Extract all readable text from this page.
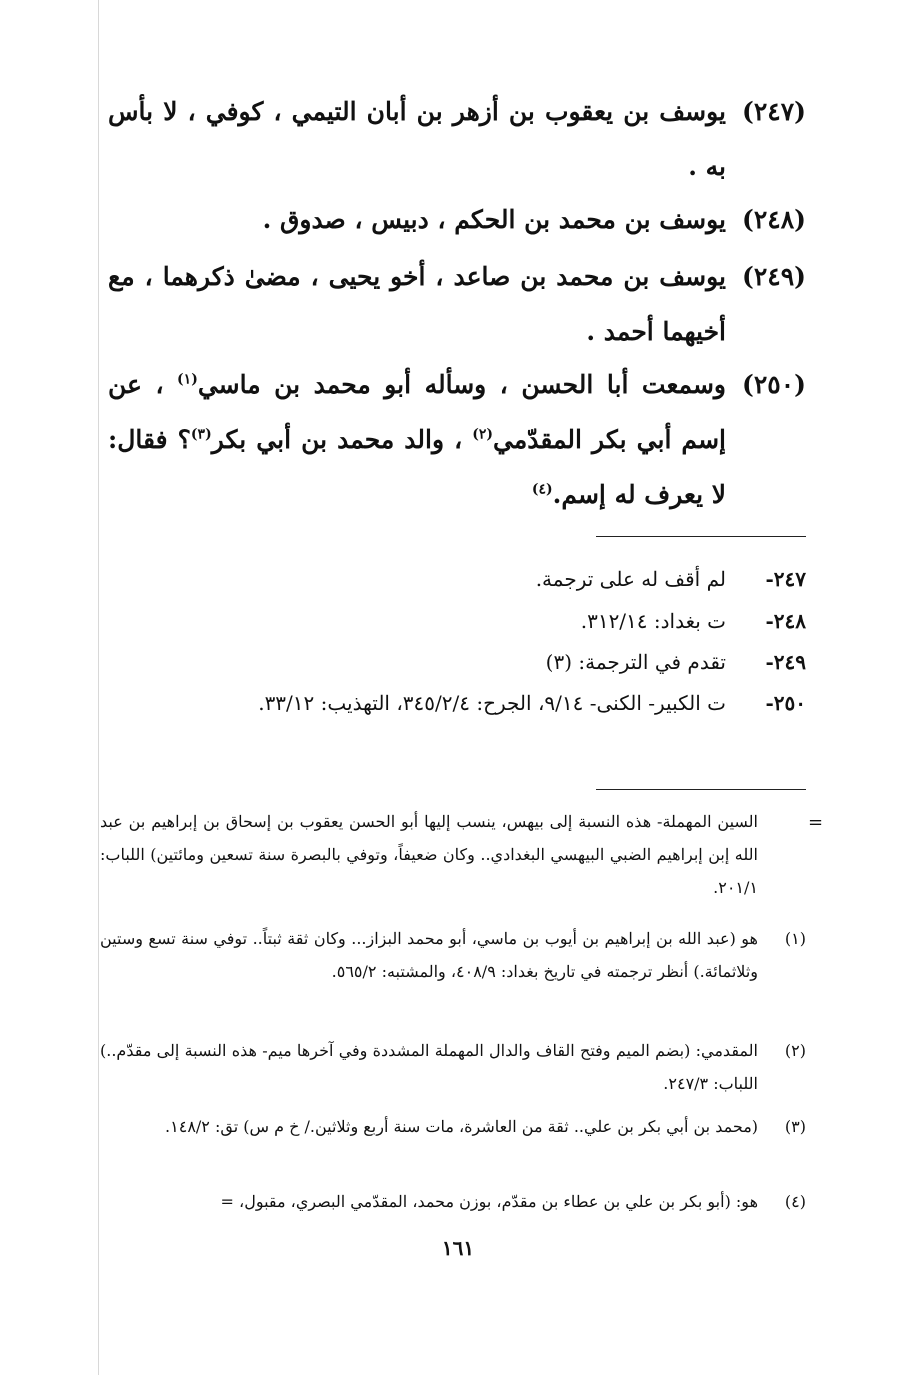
(٢٤٧)
يوسف بن يعقوب بن أزهر بن أبان التيمي ، كوفي ، لا بأس به .
(٢٤٨)
يوسف بن محمد بن الحكم ، دبيس ، صدوق .
(٢٤٩)
يوسف بن محمد بن صاعد ، أخو يحيى ، مضىٰ ذكرهما ، مع أخيهما أحمد .
(٢٥٠)
وسمعت أبا الحسن ، وسأله أبو محمد بن ماسي$^{(١)}$ ، عن إسم أبي بكر المقدّمي$^{(٢)}$ ، والد محمد بن أبي بكر$^{(٣)}$؟ فقال: لا يعرف له إسم.$^{(٤)}$
٢٤٧-
لم أقف له على ترجمة.
٢٤٨-
ت بغداد: ٣١٢/١٤.
٢٤٩-
تقدم في الترجمة: (٣)
٢٥٠-
ت الكبير- الكنى- ٩/١٤، الجرح: ٣٤٥/٢/٤، التهذيب: ٣٣/١٢.
=
السين المهملة- هذه النسبة إلى بيهس، ينسب إليها أبو الحسن يعقوب بن إسحاق بن إبراهيم بن عبد الله إبن إبراهيم الضبي البيهسي البغدادي.. وكان ضعيفاً، وتوفي بالبصرة سنة تسعين ومائتين) اللباب: ٢٠١/١.
(١)
هو (عبد الله بن إبراهيم بن أيوب بن ماسي، أبو محمد البزاز... وكان ثقة ثبتاً.. توفي سنة تسع وستين وثلاثمائة.) أنظر ترجمته في تاريخ بغداد: ٤٠٨/٩، والمشتبه: ٥٦٥/٢.
(٢)
المقدمي: (بضم الميم وفتح القاف والدال المهملة المشددة وفي آخرها ميم- هذه النسبة إلى مقدّم..) اللباب: ٢٤٧/٣.
(٣)
(محمد بن أبي بكر بن علي.. ثقة من العاشرة، مات سنة أربع وثلاثين./ خ م س) تق: ١٤٨/٢.
(٤)
هو: (أبو بكر بن علي بن عطاء بن مقدّم، بوزن محمد، المقدّمي البصري، مقبول، =
١٦١
